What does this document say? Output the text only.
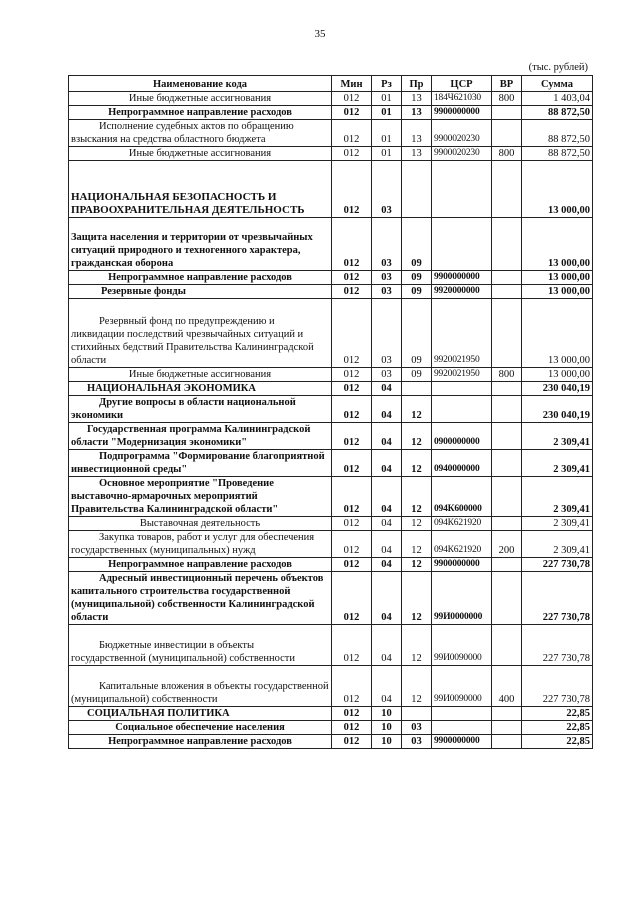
35
(тыс. рублей)
Наименование кода	Мин	Рз	Пр	ЦСР	ВР	Сумма
Иные бюджетные ассигнования	012	01	13	184Ч621030	800	1 403,04
Непрограммное направление расходов	012	01	13	9900000000		88 872,50
Исполнение судебных актов по обращению взыскания на средства областного бюджета	012	01	13	9900020230		88 872,50
Иные бюджетные ассигнования	012	01	13	9900020230	800	88 872,50
НАЦИОНАЛЬНАЯ БЕЗОПАСНОСТЬ И ПРАВООХРАНИТЕЛЬНАЯ ДЕЯТЕЛЬНОСТЬ	012	03				13 000,00
Защита населения и территории от чрезвычайных ситуаций природного и техногенного характера, гражданская оборона	012	03	09			13 000,00
Непрограммное направление расходов	012	03	09	9900000000		13 000,00
Резервные фонды	012	03	09	9920000000		13 000,00
Резервный фонд по предупреждению и ликвидации последствий чрезвычайных ситуаций и стихийных бедствий Правительства Калининградской области	012	03	09	9920021950		13 000,00
Иные бюджетные ассигнования	012	03	09	9920021950	800	13 000,00
НАЦИОНАЛЬНАЯ ЭКОНОМИКА	012	04				230 040,19
Другие вопросы в области национальной экономики	012	04	12			230 040,19
Государственная программа Калининградской области "Модернизация экономики"	012	04	12	0900000000		2 309,41
Подпрограмма "Формирование благоприятной инвестиционной среды"	012	04	12	0940000000		2 309,41
Основное мероприятие "Проведение выставочно-ярмарочных мероприятий Правительства Калининградской области"	012	04	12	094К600000		2 309,41
Выставочная деятельность	012	04	12	094К621920		2 309,41
Закупка товаров, работ и услуг для обеспечения государственных (муниципальных) нужд	012	04	12	094К621920	200	2 309,41
Непрограммное направление расходов	012	04	12	9900000000		227 730,78
Адресный инвестиционный перечень объектов капитального строительства государственной (муниципальной) собственности Калининградской области	012	04	12	99И0000000		227 730,78
Бюджетные инвестиции в объекты государственной (муниципальной) собственности	012	04	12	99И0090000		227 730,78
Капитальные вложения в объекты государственной (муниципальной) собственности	012	04	12	99И0090000	400	227 730,78
СОЦИАЛЬНАЯ ПОЛИТИКА	012	10				22,85
Социальное обеспечение населения	012	10	03			22,85
Непрограммное направление расходов	012	10	03	9900000000		22,85
